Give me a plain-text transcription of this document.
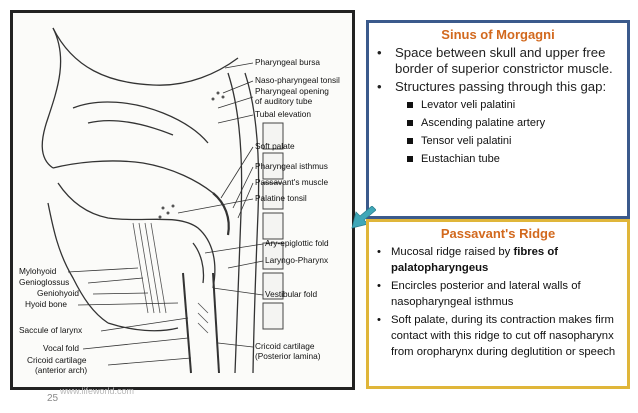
Pharyngeal bursa
Naso-pharyngeal tonsil
Pharyngeal opening
of auditory tube
Tubal elevation
Soft palate
Pharyngeal isthmus
Passavant's muscle
Palatine tonsil
Ary-epiglottic fold
Laryngo-Pharynx
Vestibular fold
Cricoid cartilage
(Posterior lamina)
Mylohyoid
Genioglossus
Geniohyoid
Hyoid bone
Saccule of larynx
Vocal fold
Cricoid cartilage
(anterior arch)
www.lifeworld.com
25
Sinus of Morgagni
• Space between skull and upper free border of superior constrictor muscle.
• Structures passing through this gap:
Levator veli palatini
Ascending palatine artery
Tensor veli palatini
Eustachian tube
Passavant's Ridge
• Mucosal ridge raised by fibres of palatopharyngeus
• Encircles posterior and lateral walls of nasopharyngeal isthmus
• Soft palate, during its contraction makes firm contact with this ridge to cut off nasopharynx from oropharynx during deglutition or speech
